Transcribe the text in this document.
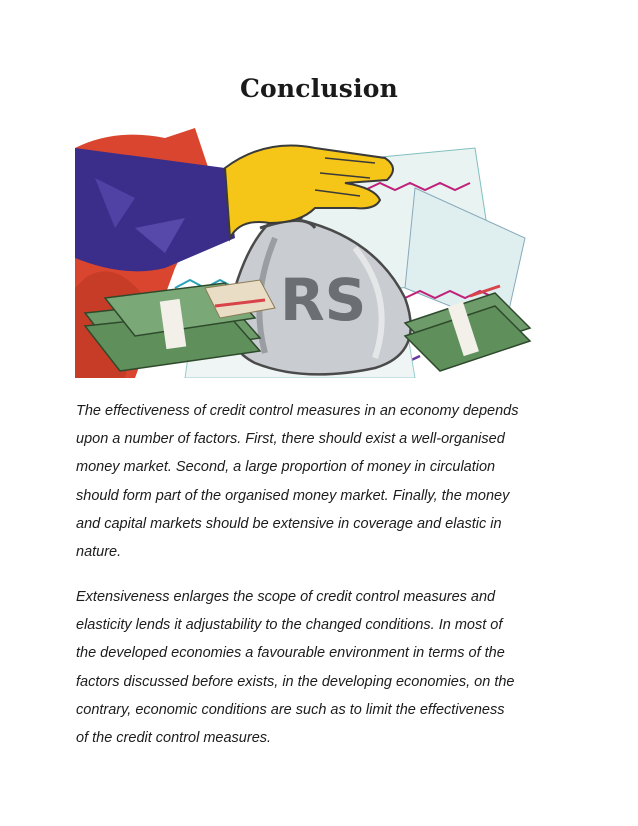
Conclusion
RS

The effectiveness of credit control measures in an economy depends
upon a number of factors. First, there should exist a well-organised
money market. Second, a large proportion of money in circulation
should form part of the organised money market. Finally, the money
and capital markets should be extensive in coverage and elastic in
nature.

Extensiveness enlarges the scope of credit control measures and
elasticity lends it adjustability to the changed conditions. In most of
the developed economies a favourable environment in terms of the
factors discussed before exists, in the developing economies, on the
contrary, economic conditions are such as to limit the effectiveness
of the credit control measures.
